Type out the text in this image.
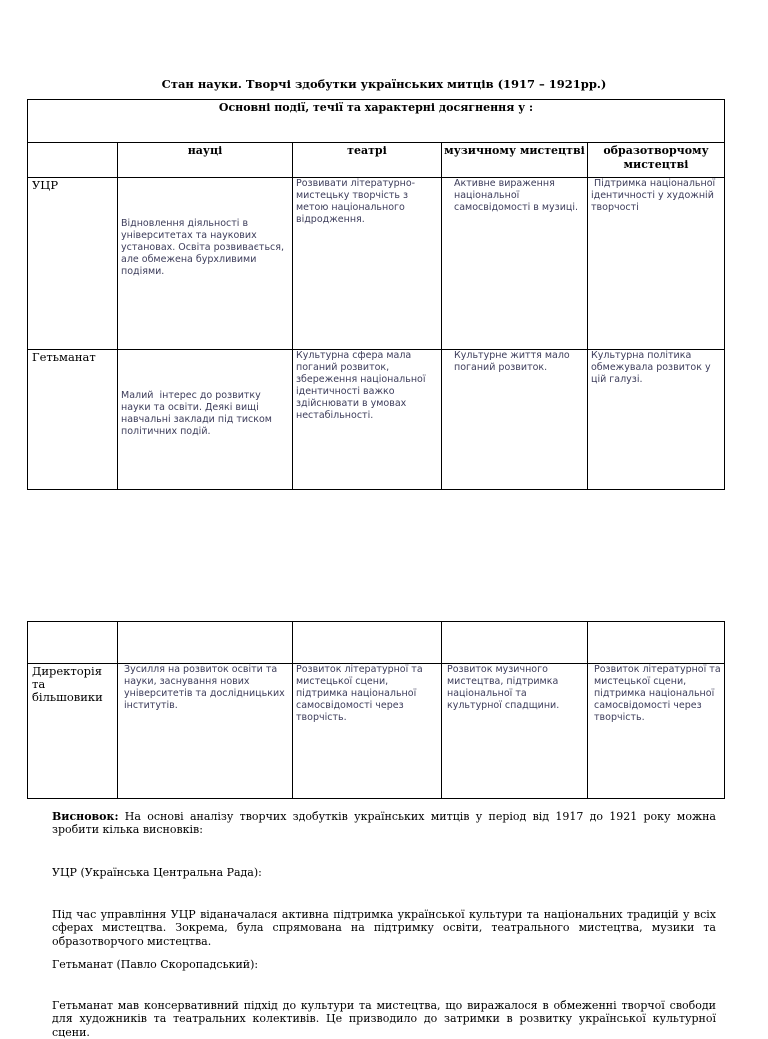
Стан науки. Творчі здобутки українських митців (1917 – 1921рр.)
Основні події, течії та характерні досягнення у :				
	науці	театрі	музичному мистецтві	образотворчому мистецтві
УЦР	Відновлення діяльності в університетах та наукових установах. Освіта розвивається, але обмежена бурхливими подіями.	Розвивати літературно-мистецьку творчість з метою національного відродження.	Активне вираження національної самосвідомості в музиці.	Підтримка національної ідентичності у художній творчості
Гетьманат	Малий  інтерес до розвитку науки та освіти. Деякі вищі навчальні заклади під тиском політичних подій.	Культурна сфера мала поганий розвиток, збереження національної ідентичності важко здійснювати в умовах нестабільності.	Культурне життя мало поганий розвиток.	Культурна політика обмежувала розвиток у цій галузі.

Директорія та більшовики	Зусилля на розвиток освіти та науки, заснування нових університетів та дослідницьких інститутів.	Розвиток літературної та мистецької сцени, підтримка національної самосвідомості через творчість.	Розвиток музичного мистецтва, підтримка національної та культурної спадщини.	Розвиток літературної та мистецької сцени, підтримка національної самосвідомості через творчість.
Висновок: На основі аналізу творчих здобутків українських митців у період від 1917 до 1921 року можна зробити кілька висновків:
УЦР (Українська Центральна Рада):
Під час управління УЦР віданачалася активна підтримка української культури та національних традицій у всіх сферах мистецтва. Зокрема, була спрямована на підтримку освіти, театрального мистецтва, музики та образотворчого мистецтва.
Гетьманат (Павло Скоропадський):
Гетьманат мав консервативний підхід до культури та мистецтва, що виражалося в обмеженні творчої свободи для художників та театральних колективів. Це призводило до затримки в розвитку української культурної сцени.
